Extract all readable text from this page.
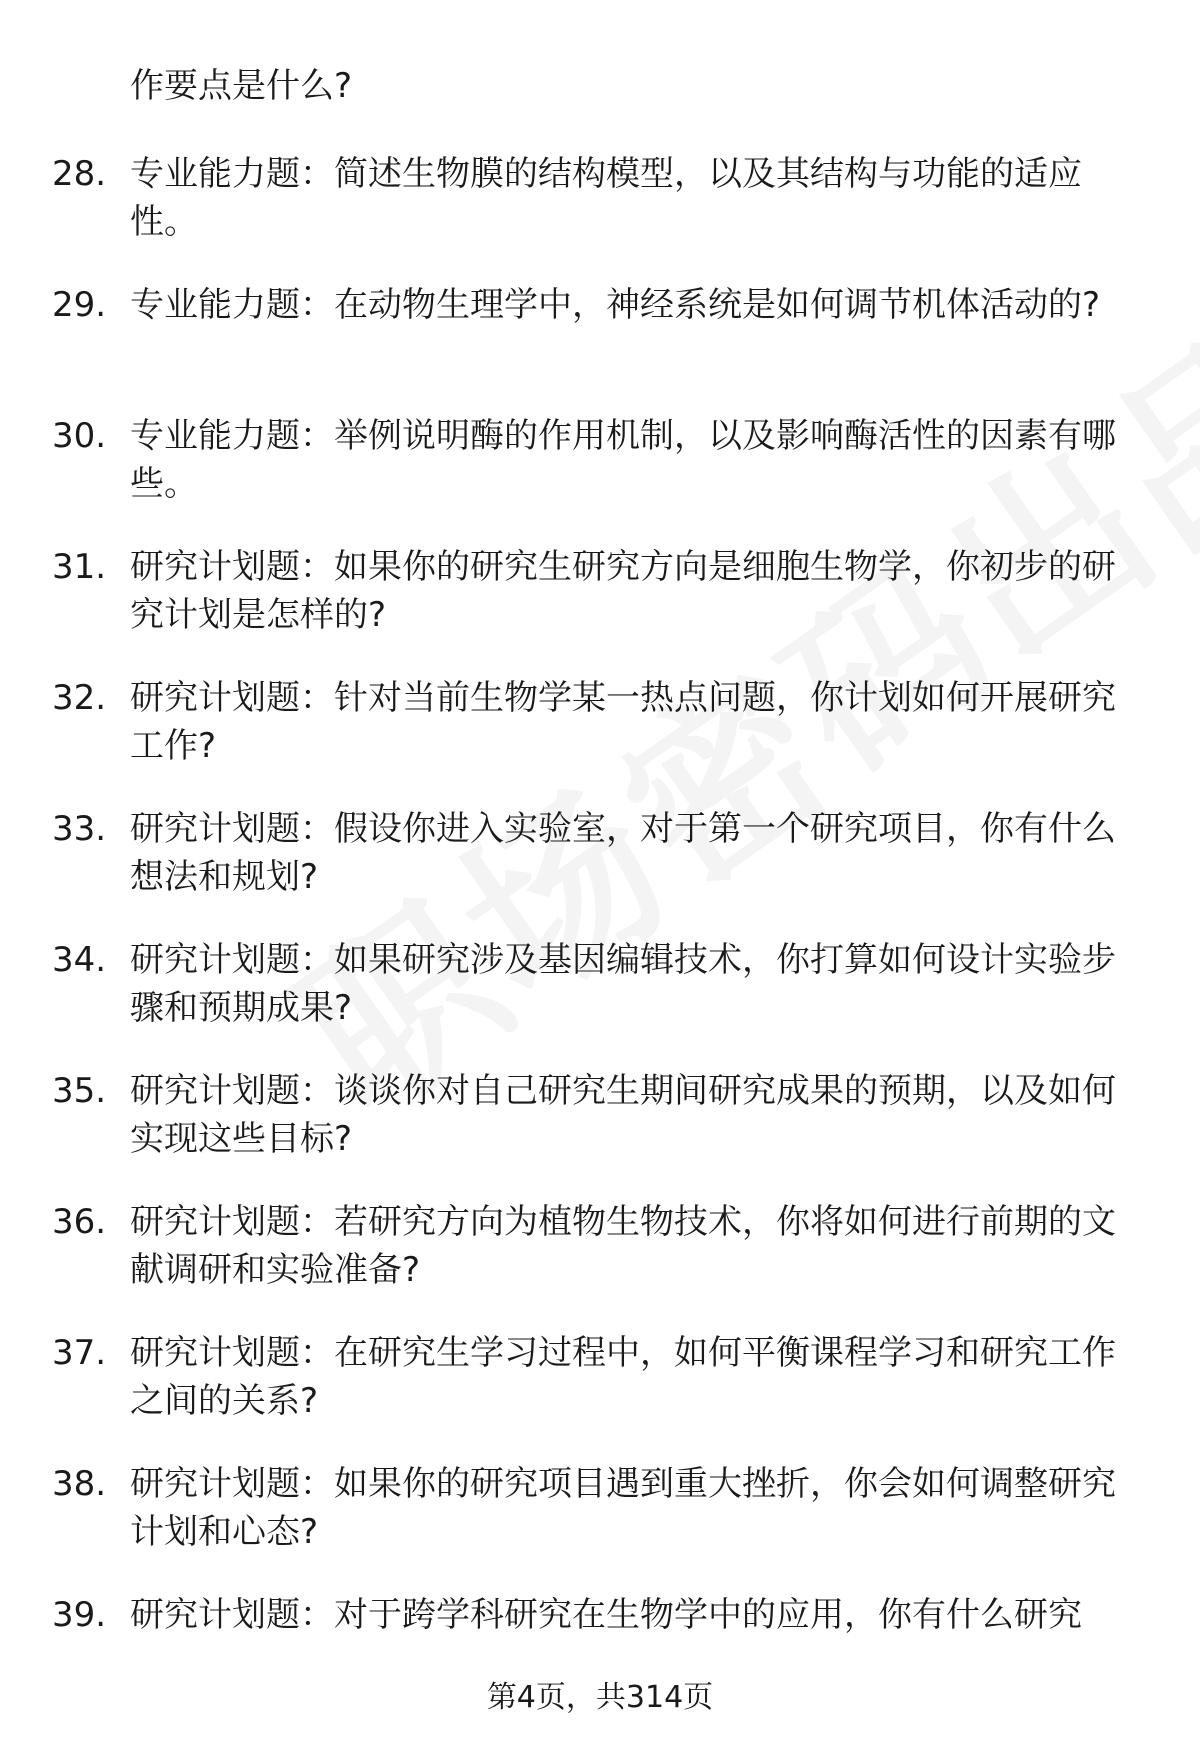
作要点是什么?
28. 专业能力题：简述生物膜的结构模型，以及其结构与功能的适应性。
29. 专业能力题：在动物生理学中，神经系统是如何调节机体活动的?
30. 专业能力题：举例说明酶的作用机制，以及影响酶活性的因素有哪些。
31. 研究计划题：如果你的研究生研究方向是细胞生物学，你初步的研究计划是怎样的?
32. 研究计划题：针对当前生物学某一热点问题，你计划如何开展研究工作?
33. 研究计划题：假设你进入实验室，对于第一个研究项目，你有什么想法和规划?
34. 研究计划题：如果研究涉及基因编辑技术，你打算如何设计实验步骤和预期成果?
35. 研究计划题：谈谈你对自己研究生期间研究成果的预期，以及如何实现这些目标?
36. 研究计划题：若研究方向为植物生物技术，你将如何进行前期的文献调研和实验准备?
37. 研究计划题：在研究生学习过程中，如何平衡课程学习和研究工作之间的关系?
38. 研究计划题：如果你的研究项目遇到重大挫折，你会如何调整研究计划和心态?
39. 研究计划题：对于跨学科研究在生物学中的应用，你有什么研究
第4页，共314页
